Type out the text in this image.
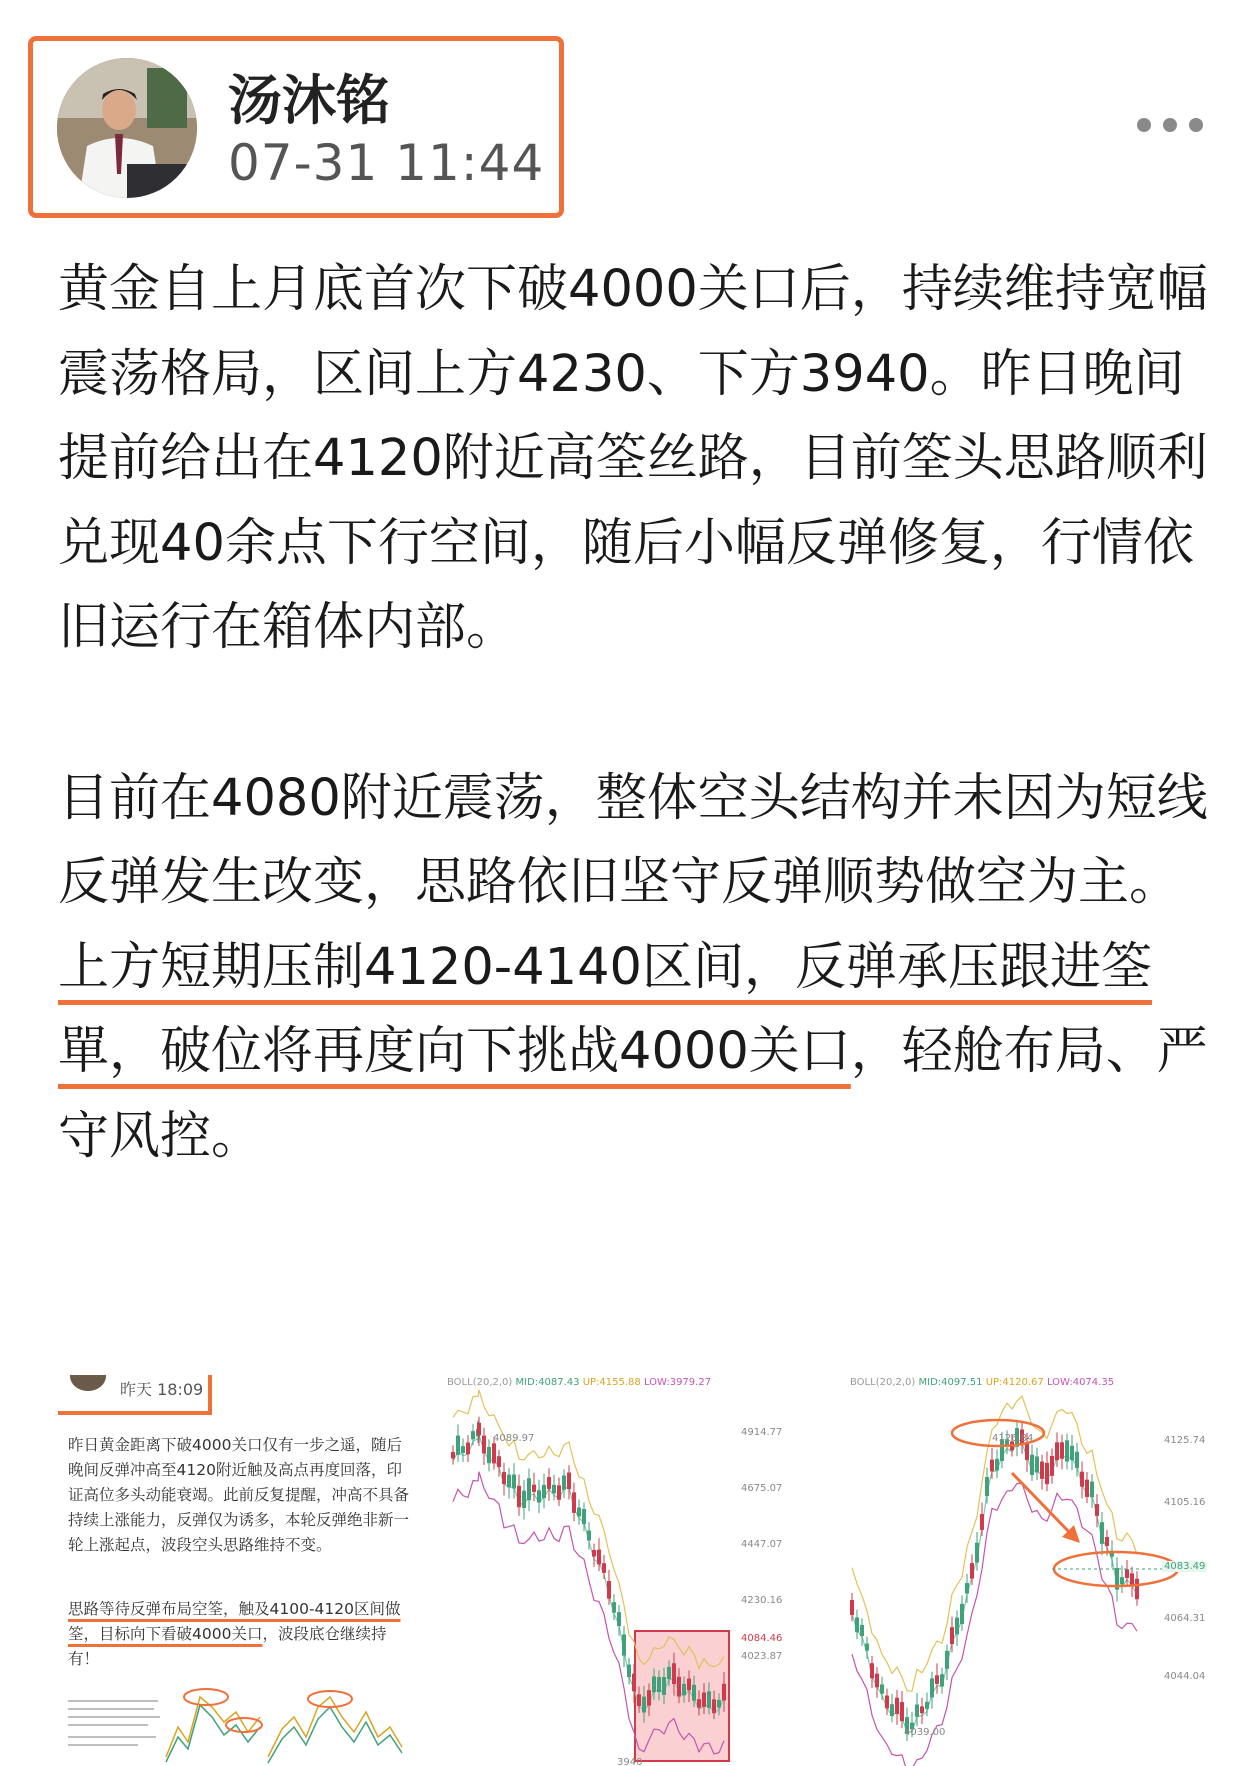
汤沐铭
07-31 11:44

黄金自上月底首次下破4000关口后，持续维持宽幅震荡格局，区间上方4230、下方3940。昨日晚间提前给出在4120附近高筌丝路，目前筌头思路顺利兑现40余点下行空间，随后小幅反弹修复，行情依旧运行在箱体内部。

目前在4080附近震荡，整体空头结构并未因为短线反弹发生改变，思路依旧坚守反弹顺势做空为主。

上方短期压制4120-4140区间，反弹承压跟进筌單，破位将再度向下挑战4000关口，轻舱布局、严守风控。

昨天 18:09
昨日黄金距离下破4000关口仅有一步之遥，随后晚间反弹冲高至4120附近触及高点再度回落，印证高位多头动能衰竭。此前反复提醒，冲高不具备持续上涨能力，反弹仅为诱多，本轮反弹绝非新一轮上涨起点，波段空头思路维持不变。
思路等待反弹布局空筌，触及4100-4120区间做筌，目标向下看破4000关口，波段底仓继续持有！
BOLL(20,2,0) MID:4087.43 UP:4155.88 LOW:3979.27
4914.77
4675.07
4447.07
4230.16
4084.46
4023.87
4089.97
3940
BOLL(20,2,0) MID:4097.51 UP:4120.67 LOW:4074.35
4125.74
4105.16
4083.49
4064.31
4044.04
4126.84
4039.00
